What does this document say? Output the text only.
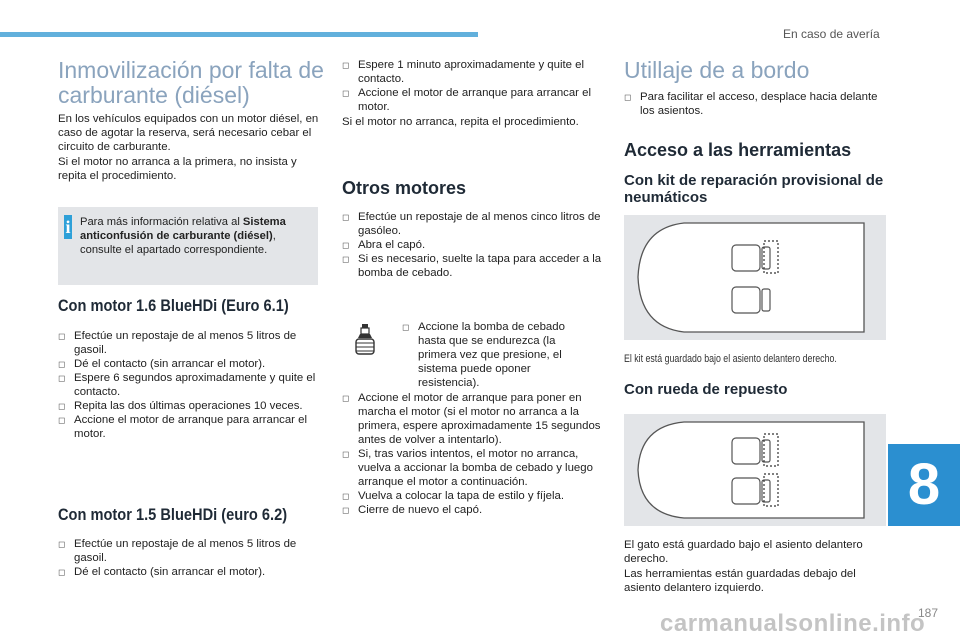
En caso de avería
Inmovilización por falta de carburante (diésel)

En los vehículos equipados con un motor diésel, en caso de agotar la reserva, será necesario cebar el circuito de carburante.

Si el motor no arranca a la primera, no insista y repita el procedimiento.

i Para más información relativa al Sistema anticonfusión de carburante (diésel), consulte el apartado correspondiente.
Con motor 1.6 BlueHDi (Euro 6.1)
◻ Efectúe un repostaje de al menos 5 litros de gasoil.
◻ Dé el contacto (sin arrancar el motor).
◻ Espere 6 segundos aproximadamente y quite el contacto.
◻ Repita las dos últimas operaciones 10 veces.
◻ Accione el motor de arranque para arrancar el motor.
Con motor 1.5 BlueHDi (euro 6.2)
◻ Efectúe un repostaje de al menos 5 litros de gasoil.
◻ Dé el contacto (sin arrancar el motor).
◻ Espere 1 minuto aproximadamente y quite el contacto.
◻ Accione el motor de arranque para arrancar el motor.

Si el motor no arranca, repita el procedimiento.

Otros motores
◻ Efectúe un repostaje de al menos cinco litros de gasóleo.
◻ Abra el capó.
◻ Si es necesario, suelte la tapa para acceder a la bomba de cebado.
◻ Accione la bomba de cebado hasta que se endurezca (la primera vez que presione, el sistema puede oponer resistencia).
◻ Accione el motor de arranque para poner en marcha el motor (si el motor no arranca a la primera, espere aproximadamente 15 segundos antes de volver a intentarlo).
◻ Si, tras varios intentos, el motor no arranca, vuelva a accionar la bomba de cebado y luego arranque el motor a continuación.
◻ Vuelva a colocar la tapa de estilo y fíjela.
◻ Cierre de nuevo el capó.
Utillaje de a bordo
◻ Para facilitar el acceso, desplace hacia delante los asientos.
Acceso a las herramientas
Con kit de reparación provisional de neumáticos
El kit está guardado bajo el asiento delantero derecho.
Con rueda de repuesto

El gato está guardado bajo el asiento delantero derecho.

Las herramientas están guardadas debajo del asiento delantero izquierdo.

8
carmanualsonline.info
187
